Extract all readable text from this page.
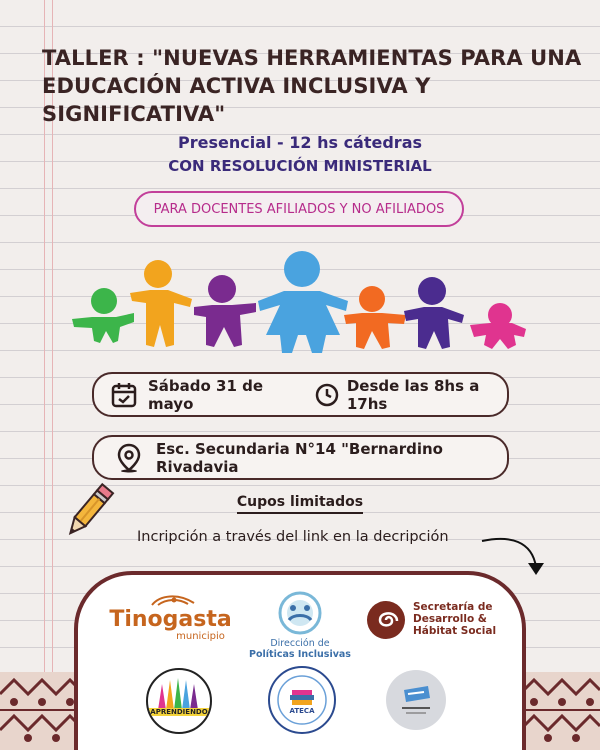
TALLER : "NUEVAS HERRAMIENTAS PARA UNA
EDUCACIÓN ACTIVA INCLUSIVA Y SIGNIFICATIVA"
Presencial - 12 hs cátedras
CON RESOLUCIÓN MINISTERIAL
PARA DOCENTES AFILIADOS Y NO AFILIADOS
Sábado 31 de mayo
Desde las 8hs a 17hs
Esc. Secundaria N°14 "Bernardino Rivadavia
Cupos limitados
Incripción a través del link en la decripción
Tinogasta
municipio
Dirección de
Políticas Inclusivas
Secretaría de
Desarrollo &
Hábitat Social
APRENDIENDO	ATECA
